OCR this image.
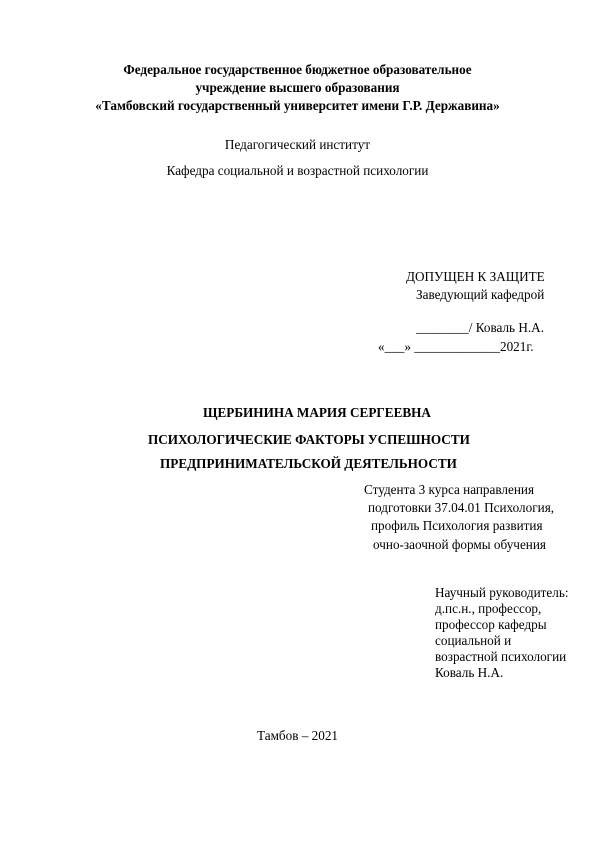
Федеральное государственное бюджетное образовательное
учреждение высшего образования
«Тамбовский государственный университет имени Г.Р. Державина»
Педагогический институт
Кафедра социальной и возрастной психологии
ДОПУЩЕН К ЗАЩИТЕ
Заведующий кафедрой
________/ Коваль Н.А.
«___» _____________2021г.
ЩЕРБИНИНА МАРИЯ СЕРГЕЕВНА
ПСИХОЛОГИЧЕСКИЕ ФАКТОРЫ УСПЕШНОСТИ
ПРЕДПРИНИМАТЕЛЬСКОЙ ДЕЯТЕЛЬНОСТИ
Студента 3 курса направления
подготовки 37.04.01 Психология,
профиль Психология развития
очно-заочной формы обучения
Научный руководитель:
д.пс.н., профессор,
профессор кафедры
социальной и
возрастной психологии
Коваль Н.А.
Тамбов – 2021
